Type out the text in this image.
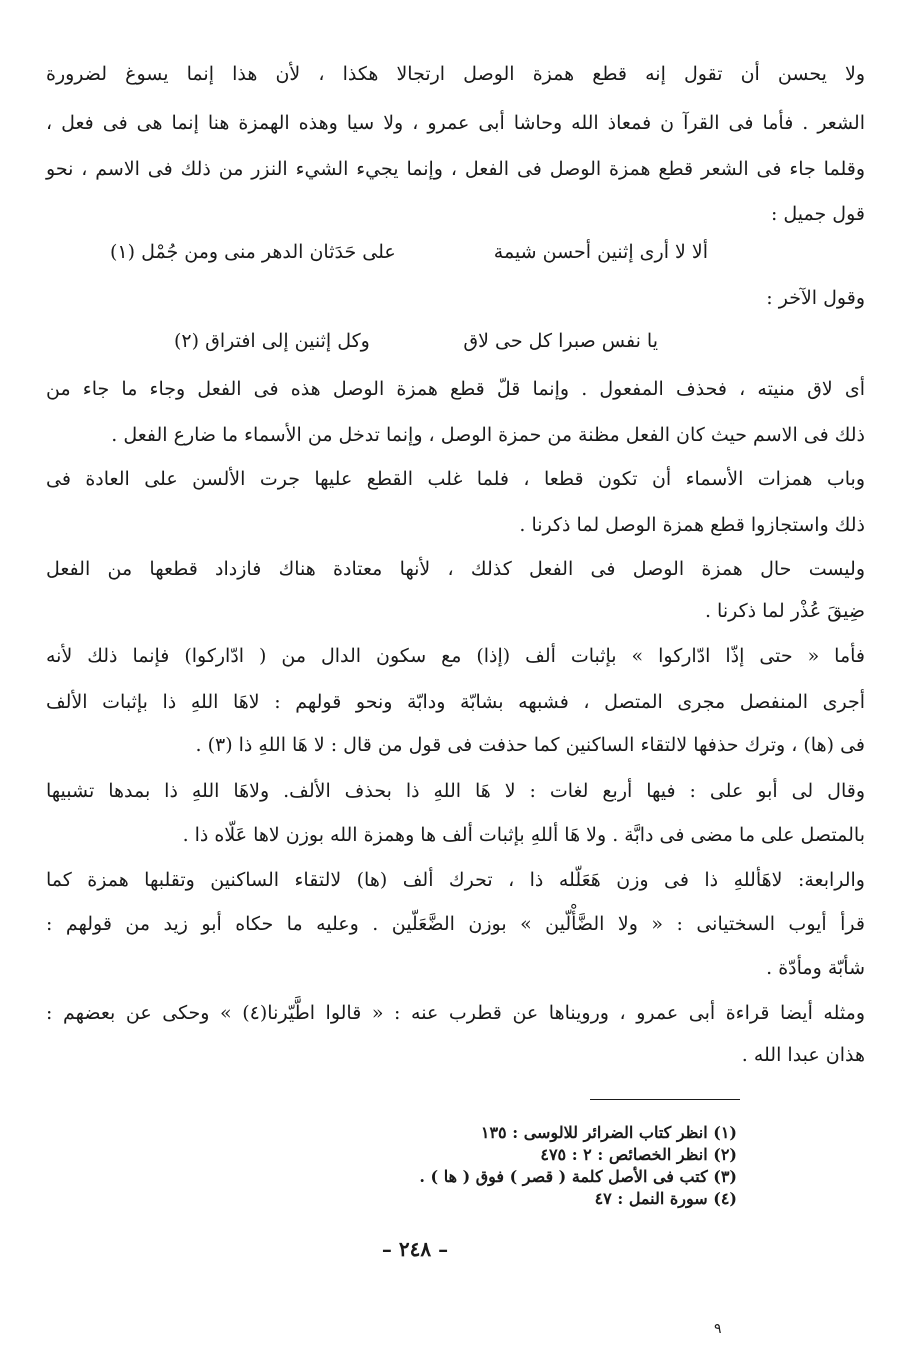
ولا يحسن أن تقول إنه قطع همزة الوصل ارتجالا هكذا ، لأن هذا إنما يسوغ لضرورة
الشعر . فأما فى القرآ ن فمعاذ الله وحاشا أبى عمرو ، ولا سيا وهذه الهمزة هنا إنما هى فى فعل ،
وقلما جاء فى الشعر قطع همزة الوصل فى الفعل ، وإنما يجيء الشيء النزر من ذلك فى الاسم ، نحو
قول جميل :
ألا لا أرى إثنين أحسن شيمة
على حَدَثان الدهر منى ومن جُمْل (١)
وقول الآخر :
يا نفس صبرا كل حى لاق
وكل إثنين إلى افتراق (٢)
أى لاق منيته ، فحذف المفعول . وإنما قلّ قطع همزة الوصل هذه فى الفعل وجاء ما جاء من
ذلك فى الاسم حيث كان الفعل مظنة من حمزة الوصل ، وإنما تدخل من الأسماء ما ضارع الفعل .
وباب همزات الأسماء أن تكون قطعا ، فلما غلب القطع عليها جرت الألسن على العادة فى
ذلك واستجازوا قطع همزة الوصل لما ذكرنا .
وليست حال همزة الوصل فى الفعل كذلك ، لأنها معتادة هناك فازداد قطعها من الفعل
ضِيقَ عُذْر لما ذكرنا .
فأما « حتى إذّا ادّاركوا » بإثبات ألف (إذا) مع سكون الدال من ( ادّاركوا) فإنما ذلك لأنه
أجرى المنفصل مجرى المتصل ، فشبهه بشابّة ودابّة ونحو قولهم : لاهَا اللهِ ذا بإثبات الألف
فى (ها) ، وترك حذفها لالتقاء الساكنين كما حذفت فى قول من قال : لا هَا اللهِ ذا (٣) .
وقال لى أبو على : فيها أربع لغات : لا هَا اللهِ ذا بحذف الألف. ولاهَا اللهِ ذا بمدها تشبيها
بالمتصل على ما مضى فى دابَّة . ولا هَا أللهِ بإثبات ألف ها وهمزة الله بوزن لاها عَلّاه ذا .
والرابعة: لاهَأللهِ ذا فى وزن هَعَلّله ذا ، تحرك ألف (ها) لالتقاء الساكنين وتقلبها همزة كما
قرأ أيوب السختيانى : « ولا الضَّأْلّين » بوزن الضَّعَلّين . وعليه ما حكاه أبو زيد من قولهم :
شأبّة ومأدّة .
ومثله أيضا قراءة أبى عمرو ، ورويناها عن قطرب عنه : « قالوا اطَّيّرنا(٤) » وحكى عن بعضهم :
هذان عبدا الله .
(١) انظر كتاب الضرائر للالوسى : ١٣٥
(٢) انظر الخصائص : ٢ : ٤٧٥
(٣) كتب فى الأصل كلمة ( قصر ) فوق ( ها ) .
(٤) سورة النمل : ٤٧
– ٢٤٨ –
٩
